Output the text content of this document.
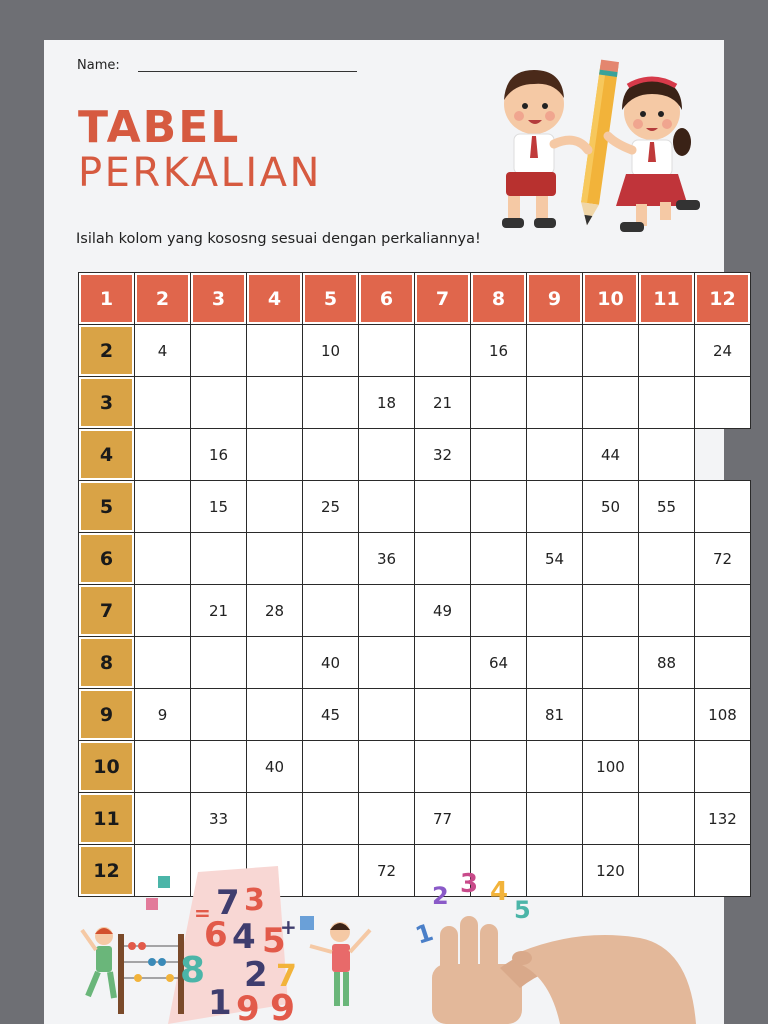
Name:
TABEL
PERKALIAN
Isilah kolom yang kososng sesuai dengan perkaliannya!
1	2	3	4	5	6	7	8	9	10	11	12

2	4			10			16				24

3					18	21					

4		16				32			44		

5		15		25					50	55	

6					36			54			72

7		21	28			49					

8				40			64			88	

9	9			45				81			108

10			40						100		

11		33				77					132

12					72				120		
7 3
6 4 5
8 2
1 9
7
9
=
+	1
2 3 4
5
